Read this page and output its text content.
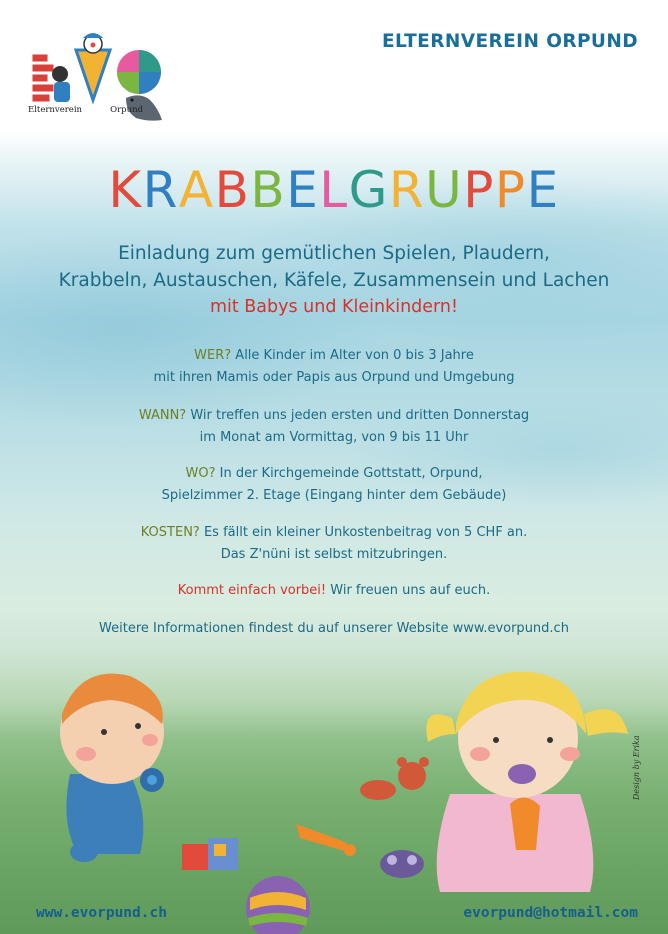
Elternverein	Orpund
ELTERNVEREIN ORPUND
KRABBELGRUPPE
Einladung zum gemütlichen Spielen, Plaudern,
Krabbeln, Austauschen, Käfele, Zusammensein und Lachen
mit Babys und Kleinkindern!
WER? Alle Kinder im Alter von 0 bis 3 Jahre
mit ihren Mamis oder Papis aus Orpund und Umgebung
WANN? Wir treffen uns jeden ersten und dritten Donnerstag
im Monat am Vormittag, von 9 bis 11 Uhr
WO? In der Kirchgemeinde Gottstatt, Orpund,
Spielzimmer 2. Etage (Eingang hinter dem Gebäude)
KOSTEN? Es fällt ein kleiner Unkostenbeitrag von 5 CHF an.
Das Z'nüni ist selbst mitzubringen.
Kommt einfach vorbei! Wir freuen uns auf euch.
Weitere Informationen findest du auf unserer Website www.evorpund.ch
Design by Erika
www.evorpund.ch	evorpund@hotmail.com
